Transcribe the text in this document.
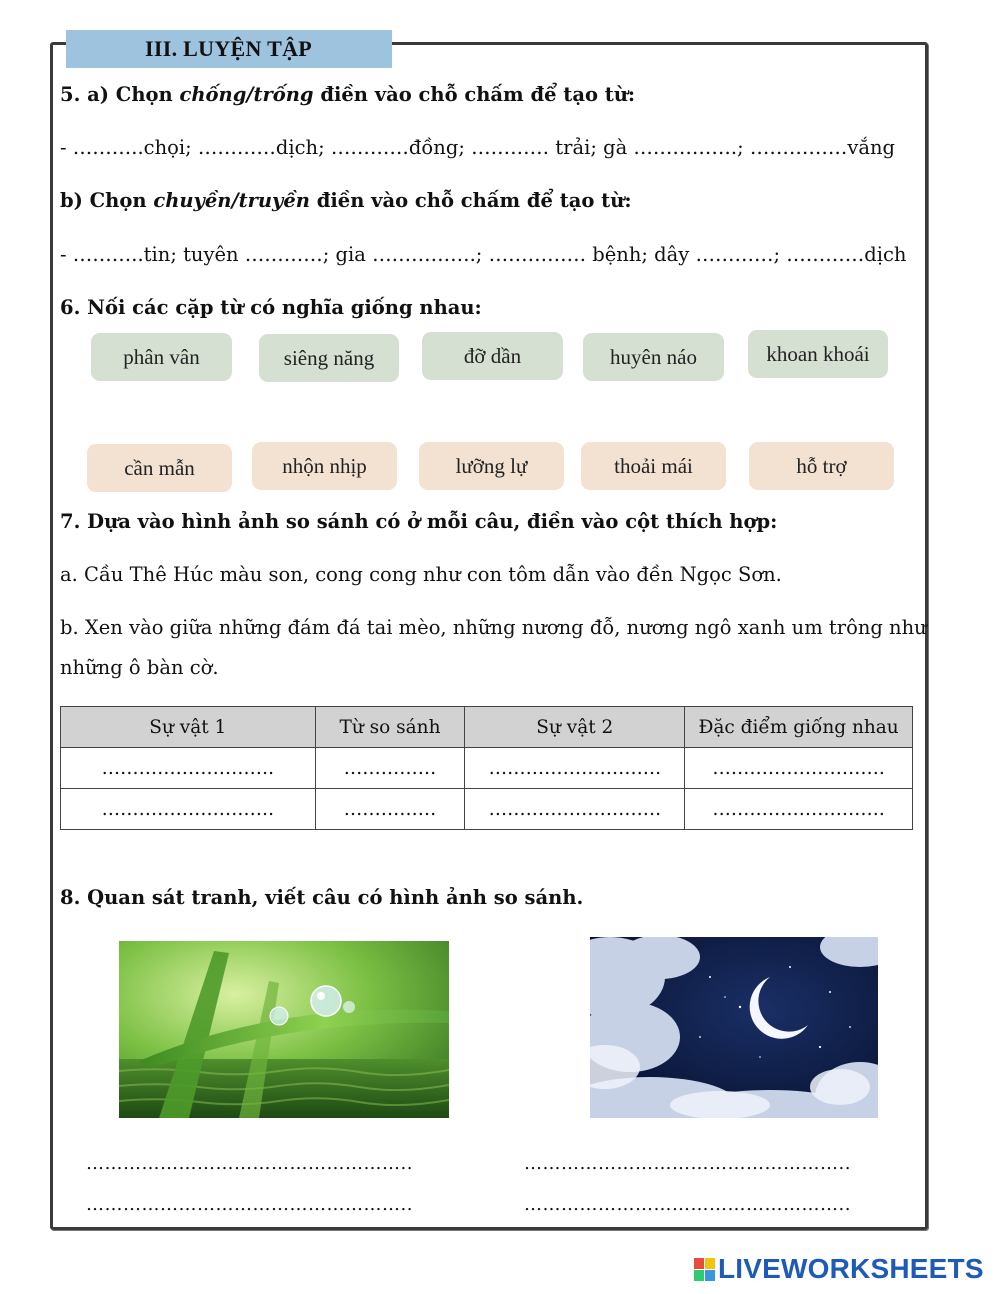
III. LUYỆN TẬP
5. a) Chọn chống/trống điền vào chỗ chấm để tạo từ:
- ………..chọi; …………dịch; …………đồng; ………… trải; gà …………….; ……………vắng
b) Chọn chuyền/truyền điền vào chỗ chấm để tạo từ:
- ………..tin; tuyên …………; gia …………….; …………… bệnh; dây …………; …………dịch
6. Nối các cặp từ có nghĩa giống nhau:
phân vân	siêng năng	đỡ dần	huyên náo	khoan khoái
cần mẫn	nhộn nhịp	lưỡng lự	thoải mái	hỗ trợ
7. Dựa vào hình ảnh so sánh có ở mỗi câu, điền vào cột thích hợp:
a. Cầu Thê Húc màu son, cong cong như con tôm dẫn vào đền Ngọc Sơn.
b. Xen vào giữa những đám đá tai mèo, những nương đỗ, nương ngô xanh um trông như
những ô bàn cờ.
Sự vật 1	Từ so sánh	Sự vật 2	Đặc điểm giống nhau
……………………….	……………	……………………….	……………………….
……………………….	……………	……………………….	……………………….
8. Quan sát tranh, viết câu có hình ảnh so sánh.
……………………………………………..	……………………………………………..
……………………………………………..	……………………………………………..
LIVEWORKSHEETS
